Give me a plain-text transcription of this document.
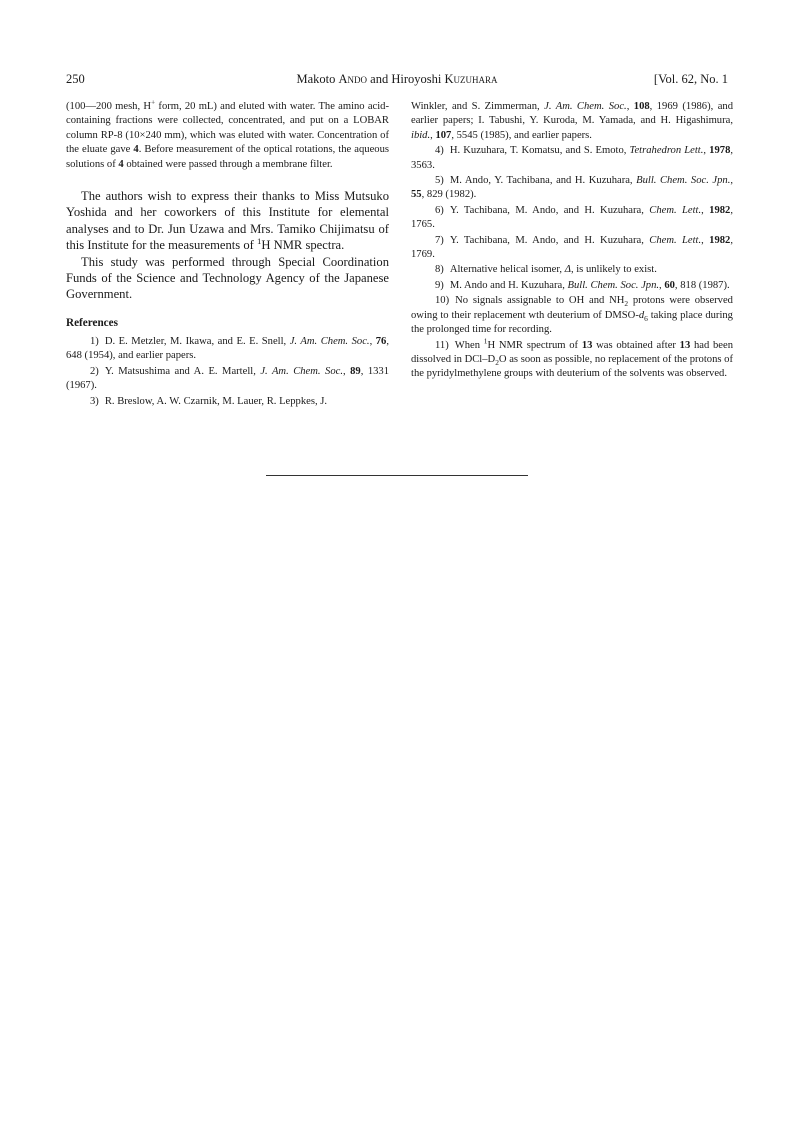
250	Makoto Ando and Hiroyoshi Kuzuhara	[Vol. 62, No. 1

(100—200 mesh, H+ form, 20 mL) and eluted with water. The amino acid-containing fractions were collected, concentrated, and put on a LOBAR column RP-8 (10×240 mm), which was eluted with water. Concentration of the eluate gave 4. Before measurement of the optical rotations, the aqueous solutions of 4 obtained were passed through a membrane filter.

The authors wish to express their thanks to Miss Mutsuko Yoshida and her coworkers of this Institute for elemental analyses and to Dr. Jun Uzawa and Mrs. Tamiko Chijimatsu of this Institute for the measurements of $^1$H NMR spectra.

This study was performed through Special Coordination Funds of the Science and Technology Agency of the Japanese Government.

References

1) D. E. Metzler, M. Ikawa, and E. E. Snell, J. Am. Chem. Soc., 76, 648 (1954), and earlier papers.

2) Y. Matsushima and A. E. Martell, J. Am. Chem. Soc., 89, 1331 (1967).

3) R. Breslow, A. W. Czarnik, M. Lauer, R. Leppkes, J.

Winkler, and S. Zimmerman, J. Am. Chem. Soc., 108, 1969 (1986), and earlier papers; I. Tabushi, Y. Kuroda, M. Yamada, and H. Higashimura, ibid., 107, 5545 (1985), and earlier papers.

4) H. Kuzuhara, T. Komatsu, and S. Emoto, Tetrahedron Lett., 1978, 3563.

5) M. Ando, Y. Tachibana, and H. Kuzuhara, Bull. Chem. Soc. Jpn., 55, 829 (1982).

6) Y. Tachibana, M. Ando, and H. Kuzuhara, Chem. Lett., 1982, 1765.

7) Y. Tachibana, M. Ando, and H. Kuzuhara, Chem. Lett., 1982, 1769.

8) Alternative helical isomer, Δ, is unlikely to exist.

9) M. Ando and H. Kuzuhara, Bull. Chem. Soc. Jpn., 60, 818 (1987).

10) No signals assignable to OH and $NH_2$ protons were observed owing to their replacement wth deuterium of DMSO-$d_6$ taking place during the prolonged time for recording.

11) When $^1$H NMR spectrum of 13 was obtained after 13 had been dissolved in DCl–$D_2O$ as soon as possible, no replacement of the protons of the pyridylmethylene groups with deuterium of the solvents was observed.
